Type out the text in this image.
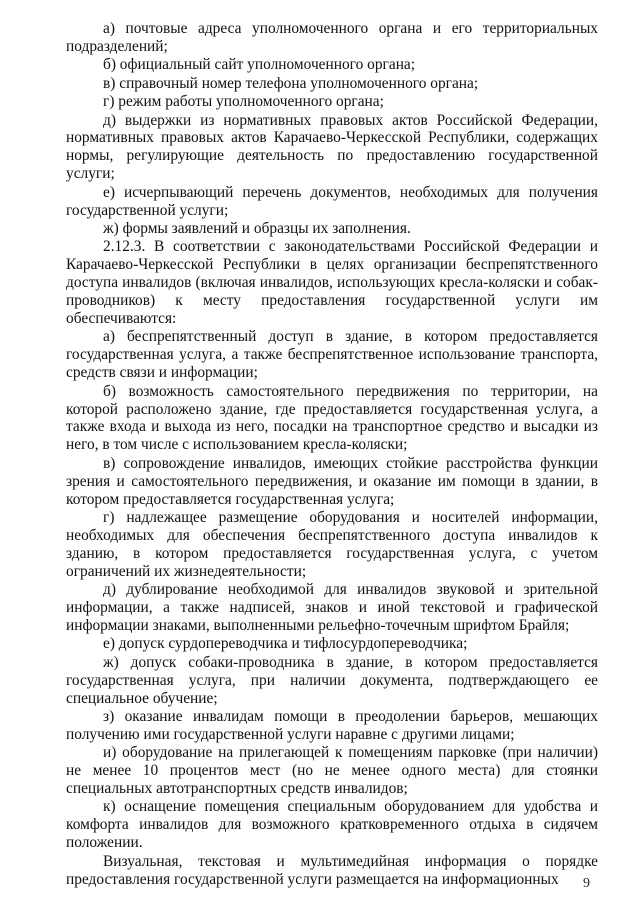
а) почтовые адреса уполномоченного органа и его территориальных подразделений;

б) официальный сайт уполномоченного органа;

в) справочный номер телефона уполномоченного органа;

г) режим работы уполномоченного органа;

д) выдержки из нормативных правовых актов Российской Федерации, нормативных правовых актов Карачаево-Черкесской Республики, содержащих нормы, регулирующие деятельность по предоставлению государственной услуги;

е) исчерпывающий перечень документов, необходимых для получения государственной услуги;

ж) формы заявлений и образцы их заполнения.

2.12.3. В соответствии с законодательствами Российской Федерации и Карачаево-Черкесской Республики в целях организации беспрепятственного доступа инвалидов (включая инвалидов, использующих кресла-коляски и собак-проводников) к месту предоставления государственной услуги им обеспечиваются:

а) беспрепятственный доступ в здание, в котором предоставляется государственная услуга, а также беспрепятственное использование транспорта, средств связи и информации;

б) возможность самостоятельного передвижения по территории, на которой расположено здание, где предоставляется государственная услуга, а также входа и выхода из него, посадки на транспортное средство и высадки из него, в том числе с использованием кресла-коляски;

в) сопровождение инвалидов, имеющих стойкие расстройства функции зрения и самостоятельного передвижения, и оказание им помощи в здании, в котором предоставляется государственная услуга;

г) надлежащее размещение оборудования и носителей информации, необходимых для обеспечения беспрепятственного доступа инвалидов к зданию, в котором предоставляется государственная услуга, с учетом ограничений их жизнедеятельности;

д) дублирование необходимой для инвалидов звуковой и зрительной информации, а также надписей, знаков и иной текстовой и графической информации знаками, выполненными рельефно-точечным шрифтом Брайля;

е) допуск сурдопереводчика и тифлосурдопереводчика;

ж) допуск собаки-проводника в здание, в котором предоставляется государственная услуга, при наличии документа, подтверждающего ее специальное обучение;

з) оказание инвалидам помощи в преодолении барьеров, мешающих получению ими государственной услуги наравне с другими лицами;

и) оборудование на прилегающей к помещениям парковке (при наличии) не менее 10 процентов мест (но не менее одного места) для стоянки специальных автотранспортных средств инвалидов;

к) оснащение помещения специальным оборудованием для удобства и комфорта инвалидов для возможного кратковременного отдыха в сидячем положении.

Визуальная, текстовая и мультимедийная информация о порядке предоставления государственной услуги размещается на информационных	9
